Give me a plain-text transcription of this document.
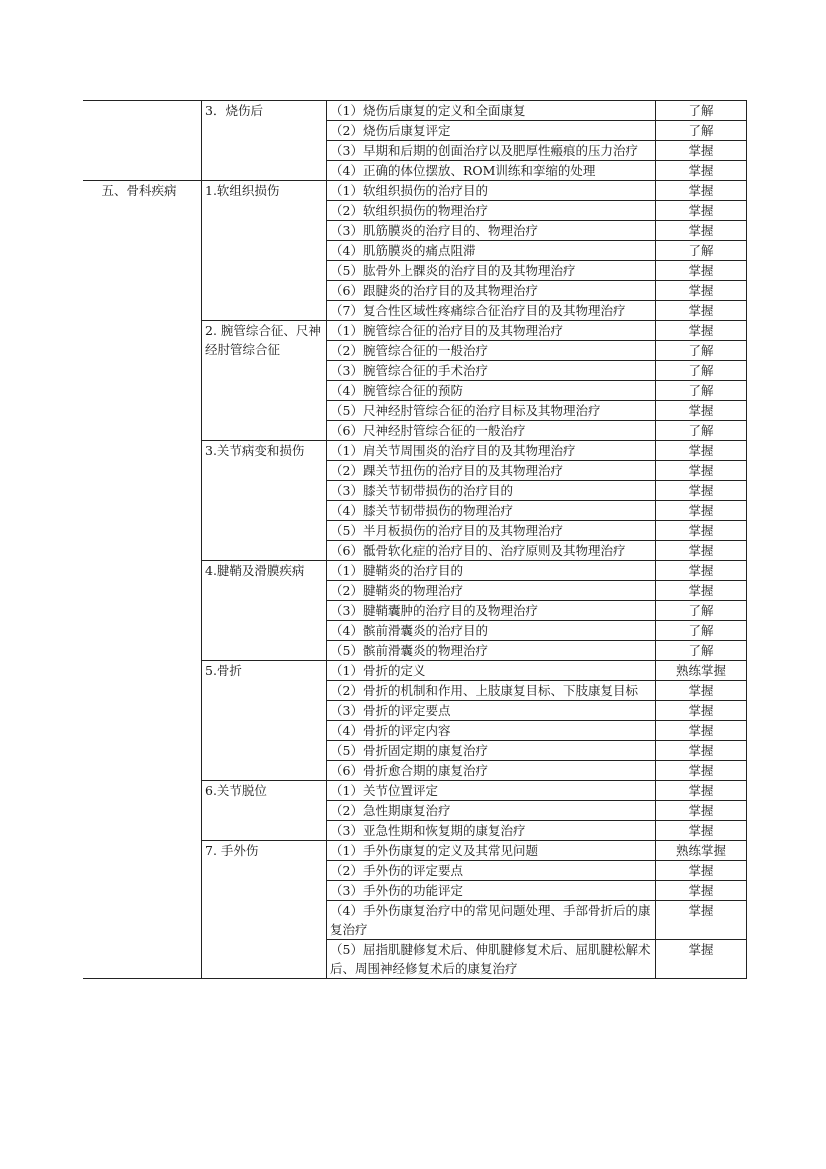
	3．烧伤后	（1）烧伤后康复的定义和全面康复	了解
		（2）烧伤后康复评定	了解
		（3）早期和后期的创面治疗以及肥厚性瘢痕的压力治疗	掌握
		（4）正确的体位摆放、ROM训练和挛缩的处理	掌握
五、骨科疾病	1.软组织损伤	（1）软组织损伤的治疗目的	掌握
		（2）软组织损伤的物理治疗	掌握
		（3）肌筋膜炎的治疗目的、物理治疗	掌握
		（4）肌筋膜炎的痛点阻滞	了解
		（5）肱骨外上髁炎的治疗目的及其物理治疗	掌握
		（6）跟腱炎的治疗目的及其物理治疗	掌握
		（7）复合性区域性疼痛综合征治疗目的及其物理治疗	掌握
	2. 腕管综合征、尺神经肘管综合征	（1）腕管综合征的治疗目的及其物理治疗	掌握
		（2）腕管综合征的一般治疗	了解
		（3）腕管综合征的手术治疗	了解
		（4）腕管综合征的预防	了解
		（5）尺神经肘管综合征的治疗目标及其物理治疗	掌握
		（6）尺神经肘管综合征的一般治疗	了解
	3.关节病变和损伤	（1）肩关节周围炎的治疗目的及其物理治疗	掌握
		（2）踝关节扭伤的治疗目的及其物理治疗	掌握
		（3）膝关节韧带损伤的治疗目的	掌握
		（4）膝关节韧带损伤的物理治疗	掌握
		（5）半月板损伤的治疗目的及其物理治疗	掌握
		（6）骶骨软化症的治疗目的、治疗原则及其物理治疗	掌握
	4.腱鞘及滑膜疾病	（1）腱鞘炎的治疗目的	掌握
		（2）腱鞘炎的物理治疗	掌握
		（3）腱鞘囊肿的治疗目的及物理治疗	了解
		（4）髌前滑囊炎的治疗目的	了解
		（5）髌前滑囊炎的物理治疗	了解
	5.骨折	（1）骨折的定义	熟练掌握
		（2）骨折的机制和作用、上肢康复目标、下肢康复目标	掌握
		（3）骨折的评定要点	掌握
		（4）骨折的评定内容	掌握
		（5）骨折固定期的康复治疗	掌握
		（6）骨折愈合期的康复治疗	掌握
	6.关节脱位	（1）关节位置评定	掌握
		（2）急性期康复治疗	掌握
		（3）亚急性期和恢复期的康复治疗	掌握
	7. 手外伤	（1）手外伤康复的定义及其常见问题	熟练掌握
		（2）手外伤的评定要点	掌握
		（3）手外伤的功能评定	掌握
		（4）手外伤康复治疗中的常见问题处理、手部骨折后的康复治疗	掌握
		（5）屈指肌腱修复术后、伸肌腱修复术后、屈肌腱松解术后、周围神经修复术后的康复治疗	掌握
